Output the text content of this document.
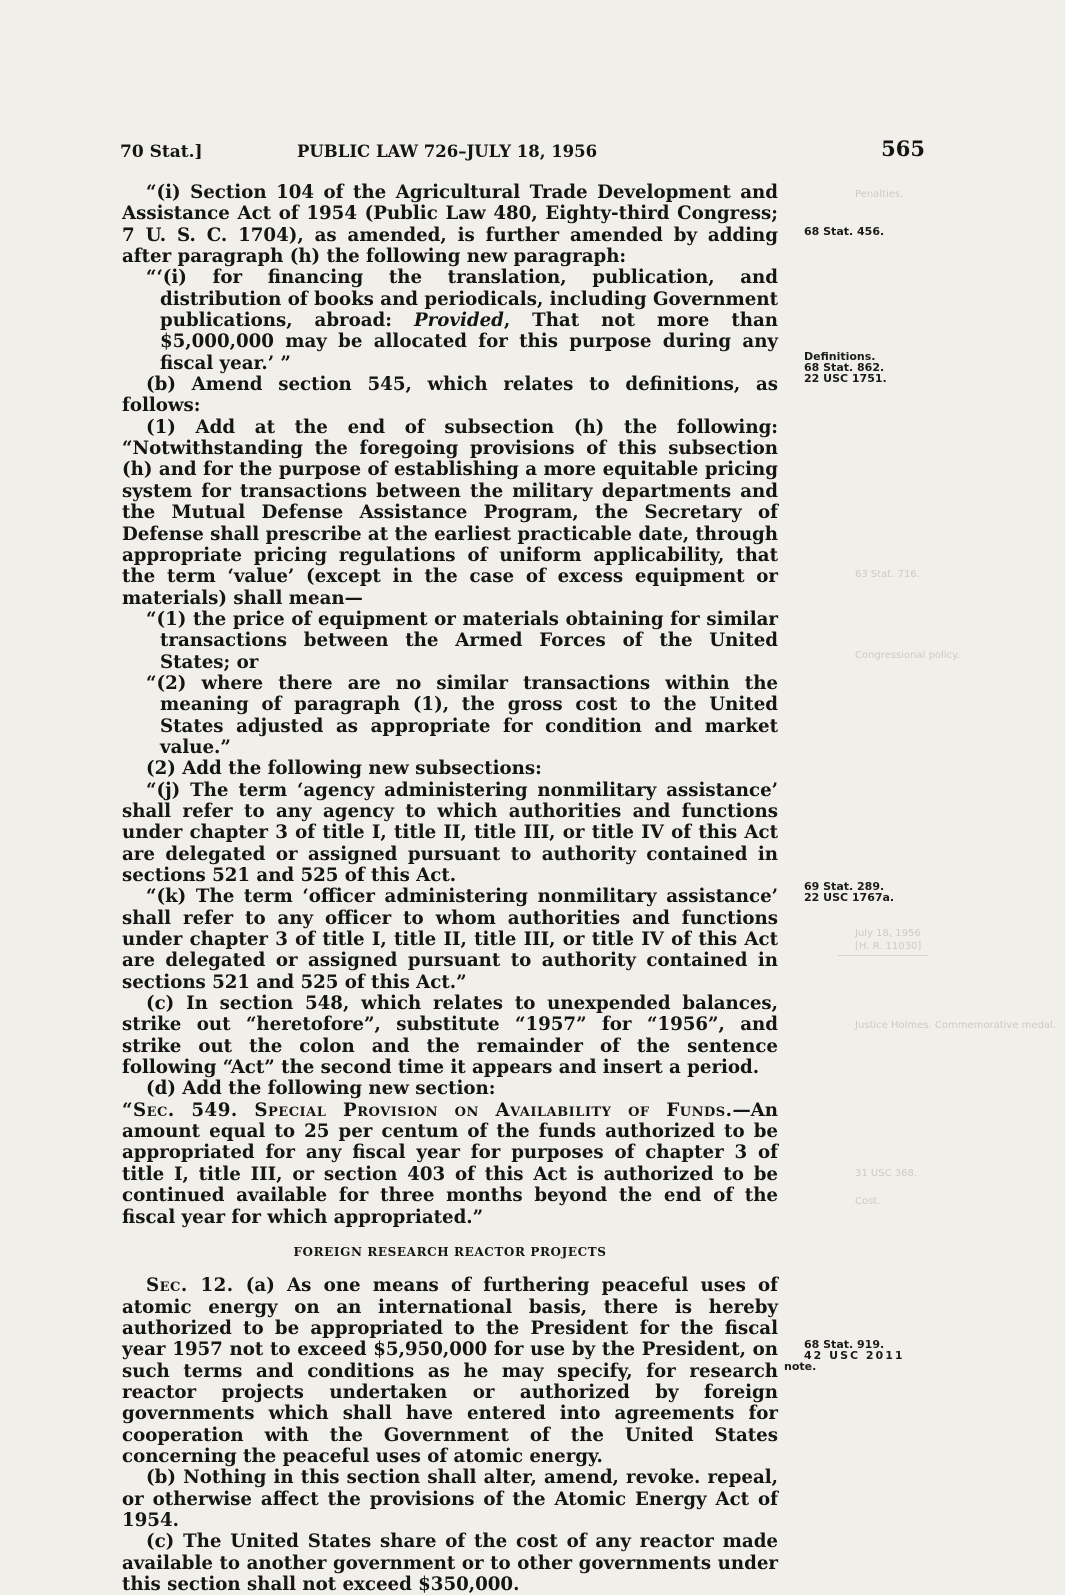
Penalties.
63 Stat. 716.
Congressional policy.
July 18, 1956
[H. R. 11030]
Justice Holmes. Commemorative medal.
31 USC 368.
Cost.
70 Stat.]	PUBLIC LAW 726–JULY 18, 1956	565
68 Stat. 456.
Definitions.
68 Stat. 862.
22 USC 1751.
69 Stat. 289.
22 USC 1767a.
68 Stat. 919.
42 USC 2011
note.

“(i) Section 104 of the Agricultural Trade Development and Assistance Act of 1954 (Public Law 480, Eighty-third Congress; 7 U. S. C. 1704), as amended, is further amended by adding after paragraph (h) the following new paragraph:

“‘(i) for financing the translation, publication, and distribution of books and periodicals, including Government publications, abroad: Provided, That not more than $5,000,000 may be allocated for this purpose during any fiscal year.’ ”

(b) Amend section 545, which relates to definitions, as follows:

(1) Add at the end of subsection (h) the following: “Notwithstanding the foregoing provisions of this subsection (h) and for the purpose of establishing a more equitable pricing system for transactions between the military departments and the Mutual Defense Assistance Program, the Secretary of Defense shall prescribe at the earliest practicable date, through appropriate pricing regulations of uniform applicability, that the term ‘value’ (except in the case of excess equipment or materials) shall mean—

“(1) the price of equipment or materials obtaining for similar transactions between the Armed Forces of the United States; or

“(2) where there are no similar transactions within the meaning of paragraph (1), the gross cost to the United States adjusted as appropriate for condition and market value.”

(2) Add the following new subsections:

“(j) The term ‘agency administering nonmilitary assistance’ shall refer to any agency to which authorities and functions under chapter 3 of title I, title II, title III, or title IV of this Act are delegated or assigned pursuant to authority contained in sections 521 and 525 of this Act.

“(k) The term ‘officer administering nonmilitary assistance’ shall refer to any officer to whom authorities and functions under chapter 3 of title I, title II, title III, or title IV of this Act are delegated or assigned pursuant to authority contained in sections 521 and 525 of this Act.”

(c) In section 548, which relates to unexpended balances, strike out “heretofore”, substitute “1957” for “1956”, and strike out the colon and the remainder of the sentence following “Act” the second time it appears and insert a period.

(d) Add the following new section:

“Sec. 549. Special Provision on Availability of Funds.—An amount equal to 25 per centum of the funds authorized to be appropriated for any fiscal year for purposes of chapter 3 of title I, title III, or section 403 of this Act is authorized to be continued available for three months beyond the end of the fiscal year for which appropriated.”

FOREIGN RESEARCH REACTOR PROJECTS

Sec. 12. (a) As one means of furthering peaceful uses of atomic energy on an international basis, there is hereby authorized to be appropriated to the President for the fiscal year 1957 not to exceed $5,950,000 for use by the President, on such terms and conditions as he may specify, for research reactor projects undertaken or authorized by foreign governments which shall have entered into agreements for cooperation with the Government of the United States concerning the peaceful uses of atomic energy.

(b) Nothing in this section shall alter, amend, revoke. repeal, or otherwise affect the provisions of the Atomic Energy Act of 1954.

(c) The United States share of the cost of any reactor made available to another government or to other governments under this section shall not exceed $350,000.
